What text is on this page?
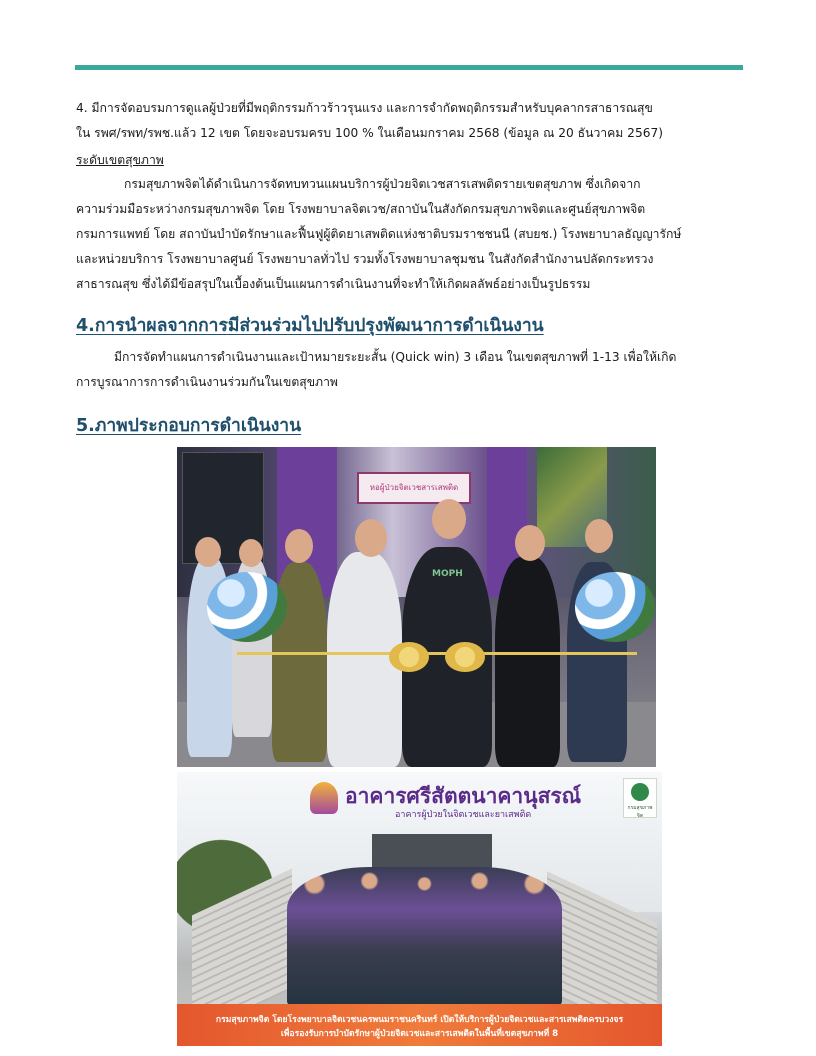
4. มีการจัดอบรมการดูแลผู้ป่วยที่มีพฤติกรรมก้าวร้าวรุนแรง และการจำกัดพฤติกรรมสำหรับบุคลากรสาธารณสุข
ใน รพศ/รพท/รพช.แล้ว 12 เขต โดยจะอบรมครบ 100 % ในเดือนมกราคม 2568 (ข้อมูล ณ 20 ธันวาคม 2567)
ระดับเขตสุขภาพ
กรมสุขภาพจิตได้ดำเนินการจัดทบทวนแผนบริการผู้ป่วยจิตเวชสารเสพติดรายเขตสุขภาพ ซึ่งเกิดจาก
ความร่วมมือระหว่างกรมสุขภาพจิต โดย โรงพยาบาลจิตเวช/สถาบันในสังกัดกรมสุขภาพจิตและศูนย์สุขภาพจิต
กรมการแพทย์ โดย สถาบันบำบัดรักษาและฟื้นฟูผู้ติดยาเสพติดแห่งชาติบรมราชชนนี (สบยช.) โรงพยาบาลธัญญารักษ์
และหน่วยบริการ โรงพยาบาลศูนย์ โรงพยาบาลทั่วไป รวมทั้งโรงพยาบาลชุมชน ในสังกัดสำนักงานปลัดกระทรวง
สาธารณสุข ซึ่งได้มีข้อสรุปในเบื้องต้นเป็นแผนการดำเนินงานที่จะทำให้เกิดผลลัพธ์อย่างเป็นรูปธรรม
4.การนำผลจากการมีส่วนร่วมไปปรับปรุงพัฒนาการดำเนินงาน
มีการจัดทำแผนการดำเนินงานและเป้าหมายระยะสั้น (Quick win) 3 เดือน ในเขตสุขภาพที่ 1-13 เพื่อให้เกิด
การบูรณาการการดำเนินงานร่วมกันในเขตสุขภาพ
5.ภาพประกอบการดำเนินงาน
หอผู้ป่วยจิตเวชสารเสพติด
MOPH
อาคารศรีสัตตนาคานุสรณ์
อาคารผู้ป่วยในจิตเวชและยาเสพติด
กรมสุขภาพจิต
กรมสุขภาพจิต โดยโรงพยาบาลจิตเวชนครพนมราชนครินทร์ เปิดให้บริการผู้ป่วยจิตเวชและสารเสพติดครบวงจร
เพื่อรองรับการบำบัดรักษาผู้ป่วยจิตเวชและสารเสพติดในพื้นที่เขตสุขภาพที่ 8
